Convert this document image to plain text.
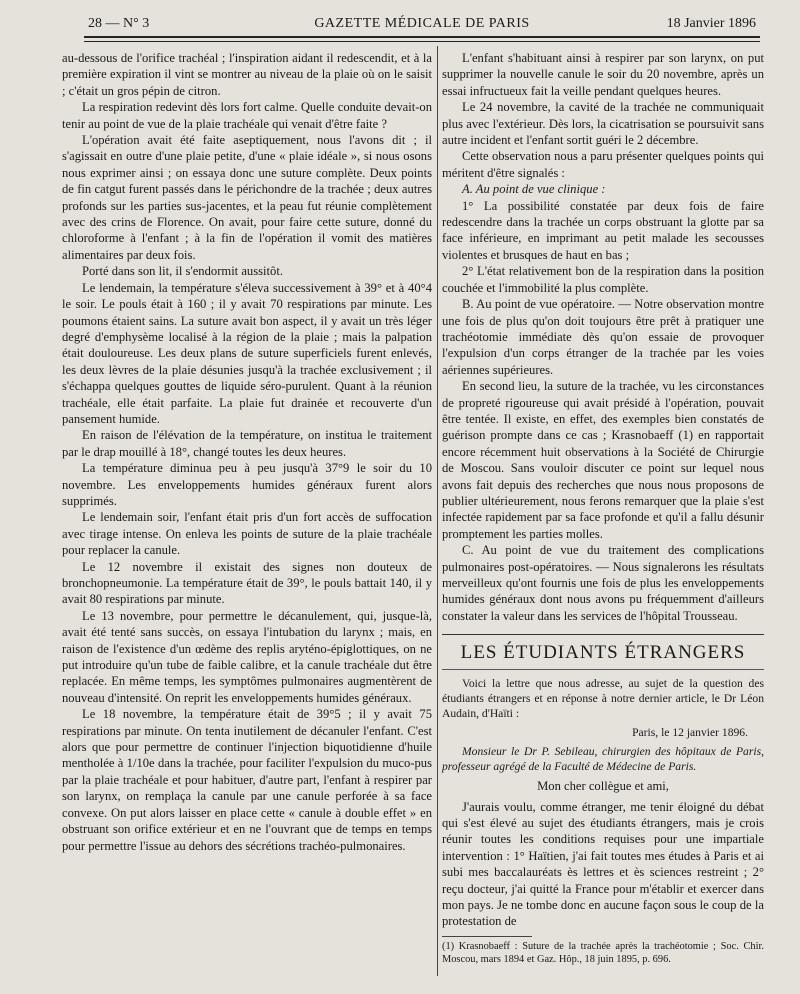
28 — N° 3	GAZETTE MÉDICALE DE PARIS	18 Janvier 1896

au-dessous de l'orifice trachéal ; l'inspiration aidant il redescendit, et à la première expiration il vint se montrer au niveau de la plaie où on le saisit ; c'était un gros pépin de citron.

La respiration redevint dès lors fort calme. Quelle conduite devait-on tenir au point de vue de la plaie trachéale qui venait d'être faite ?

L'opération avait été faite aseptiquement, nous l'avons dit ; il s'agissait en outre d'une plaie petite, d'une « plaie idéale », si nous osons nous exprimer ainsi ; on essaya donc une suture complète. Deux points de fin catgut furent passés dans le périchondre de la trachée ; deux autres profonds sur les parties sus-jacentes, et la peau fut réunie complètement avec des crins de Florence. On avait, pour faire cette suture, donné du chloroforme à l'enfant ; à la fin de l'opération il vomit des matières alimentaires par deux fois.

Porté dans son lit, il s'endormit aussitôt.

Le lendemain, la température s'éleva successivement à 39° et à 40°4 le soir. Le pouls était à 160 ; il y avait 70 respirations par minute. Les poumons étaient sains. La suture avait bon aspect, il y avait un très léger degré d'emphysème localisé à la région de la plaie ; mais la palpation était douloureuse. Les deux plans de suture superficiels furent enlevés, les deux lèvres de la plaie désunies jusqu'à la trachée exclusivement ; il s'échappa quelques gouttes de liquide séro-purulent. Quant à la réunion trachéale, elle était parfaite. La plaie fut drainée et recouverte d'un pansement humide.

En raison de l'élévation de la température, on institua le traitement par le drap mouillé à 18°, changé toutes les deux heures.

La température diminua peu à peu jusqu'à 37°9 le soir du 10 novembre. Les enveloppements humides généraux furent alors supprimés.

Le lendemain soir, l'enfant était pris d'un fort accès de suffocation avec tirage intense. On enleva les points de suture de la plaie trachéale pour replacer la canule.

Le 12 novembre il existait des signes non douteux de bronchopneumonie. La température était de 39°, le pouls battait 140, il y avait 80 respirations par minute.

Le 13 novembre, pour permettre le décanulement, qui, jusque-là, avait été tenté sans succès, on essaya l'intubation du larynx ; mais, en raison de l'existence d'un œdème des replis aryténo-épiglottiques, on ne put introduire qu'un tube de faible calibre, et la canule trachéale dut être replacée. En même temps, les symptômes pulmonaires augmentèrent de nouveau d'intensité. On reprit les enveloppements humides généraux.

Le 18 novembre, la température était de 39°5 ; il y avait 75 respirations par minute. On tenta inutilement de décanuler l'enfant. C'est alors que pour permettre de continuer l'injection biquotidienne d'huile mentholée à 1/10e dans la trachée, pour faciliter l'expulsion du muco-pus par la plaie trachéale et pour habituer, d'autre part, l'enfant à respirer par son larynx, on remplaça la canule par une canule perforée à sa face convexe. On put alors laisser en place cette « canule à double effet » en obstruant son orifice extérieur et en ne l'ouvrant que de temps en temps pour permettre l'issue au dehors des sécrétions trachéo-pulmonaires.

L'enfant s'habituant ainsi à respirer par son larynx, on put supprimer la nouvelle canule le soir du 20 novembre, après un essai infructueux fait la veille pendant quelques heures.

Le 24 novembre, la cavité de la trachée ne communiquait plus avec l'extérieur. Dès lors, la cicatrisation se poursuivit sans autre incident et l'enfant sortit guéri le 2 décembre.

Cette observation nous a paru présenter quelques points qui méritent d'être signalés :

A. Au point de vue clinique :

1° La possibilité constatée par deux fois de faire redescendre dans la trachée un corps obstruant la glotte par sa face inférieure, en imprimant au petit malade les secousses violentes et brusques de haut en bas ;

2° L'état relativement bon de la respiration dans la position couchée et l'immobilité la plus complète.

B. Au point de vue opératoire. — Notre observation montre une fois de plus qu'on doit toujours être prêt à pratiquer une trachéotomie immédiate dès qu'on essaie de provoquer l'expulsion d'un corps étranger de la trachée par les voies aériennes supérieures.

En second lieu, la suture de la trachée, vu les circonstances de propreté rigoureuse qui avait présidé à l'opération, pouvait être tentée. Il existe, en effet, des exemples bien constatés de guérison prompte dans ce cas ; Krasnobaeff (1) en rapportait encore récemment huit observations à la Société de Chirurgie de Moscou. Sans vouloir discuter ce point sur lequel nous avons fait depuis des recherches que nous nous proposons de publier ultérieurement, nous ferons remarquer que la plaie s'est infectée rapidement par sa face profonde et qu'il a fallu désunir promptement les parties molles.

C. Au point de vue du traitement des complications pulmonaires post-opératoires. — Nous signalerons les résultats merveilleux qu'ont fournis une fois de plus les enveloppements humides généraux dont nous avons pu fréquemment d'ailleurs constater la valeur dans les services de l'hôpital Trousseau.

LES ÉTUDIANTS ÉTRANGERS

Voici la lettre que nous adresse, au sujet de la question des étudiants étrangers et en réponse à notre dernier article, le Dr Léon Audain, d'Haïti :

Paris, le 12 janvier 1896.

Monsieur le Dr P. Sebileau, chirurgien des hôpitaux de Paris, professeur agrégé de la Faculté de Médecine de Paris.

Mon cher collègue et ami,

J'aurais voulu, comme étranger, me tenir éloigné du débat qui s'est élevé au sujet des étudiants étrangers, mais je crois réunir toutes les conditions requises pour une impartiale intervention : 1° Haïtien, j'ai fait toutes mes études à Paris et ai subi mes baccalauréats ès lettres et ès sciences restreint ; 2° reçu docteur, j'ai quitté la France pour m'établir et exercer dans mon pays. Je ne tombe donc en aucune façon sous le coup de la protestation de

(1) Krasnobaeff : Suture de la trachée après la trachéotomie ; Soc. Chir. Moscou, mars 1894 et Gaz. Hôp., 18 juin 1895, p. 696.
